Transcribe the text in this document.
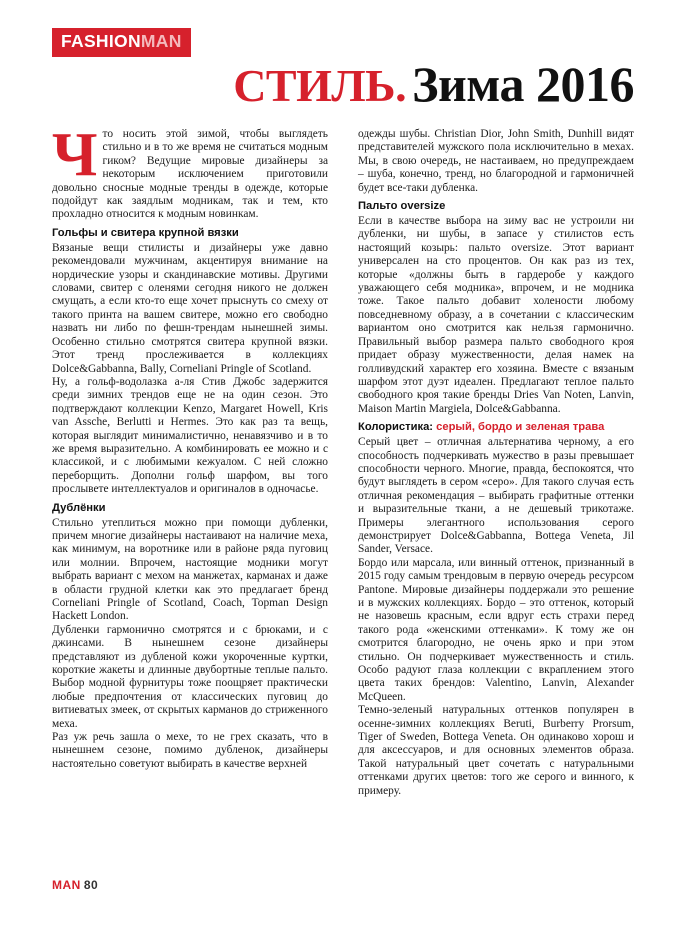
FASHIONMAN
СТИЛЬ. Зима 2016

Что носить этой зимой, чтобы выглядеть стильно и в то же время не считаться модным гиком? Ведущие мировые дизайнеры за некоторым исключением приготовили довольно сносные модные тренды в одежде, которые подойдут как заядлым модникам, так и тем, кто прохладно относится к модным новинкам.

Гольфы и свитера крупной вязки

Вязаные вещи стилисты и дизайнеры уже давно рекомендовали мужчинам, акцентируя внимание на нордические узоры и скандинавские мотивы. Другими словами, свитер с оленями сегодня никого не должен смущать, а если кто-то еще хочет прыснуть со смеху от такого принта на вашем свитере, можно его свободно назвать ни либо по фешн-трендам нынешней зимы. Особенно стильно смотрятся свитера крупной вязки. Этот тренд прослеживается в коллекциях Dolce&Gabbanna, Bally, Corneliani Pringle of Scotland.

Ну, а гольф-водолазка а-ля Стив Джобс задержится среди зимних трендов еще не на один сезон. Это подтверждают коллекции Kenzo, Margaret Howell, Kris van Assche, Berlutti и Hermes. Это как раз та вещь, которая выглядит минималистично, ненавязчиво и в то же время выразительно. А комбинировать ее можно и с классикой, и с любимыми кежуалом. С ней сложно переборщить. Дополни гольф шарфом, вы того прослывете интеллектуалов и оригиналов в одночасье.

Дублёнки

Стильно утеплиться можно при помощи дубленки, причем многие дизайнеры настаивают на наличие меха, как минимум, на воротнике или в районе ряда пуговиц или молнии. Впрочем, настоящие модники могут выбрать вариант с мехом на манжетах, карманах и даже в области грудной клетки как это предлагает бренд Corneliani Pringle of Scotland, Coach, Topman Design Hackett London.

Дубленки гармонично смотрятся и с брюками, и с джинсами. В нынешнем сезоне дизайнеры представляют из дубленой кожи укороченные куртки, короткие жакеты и длинные двубортные теплые пальто. Выбор модной фурнитуры тоже поощряет практически любые предпочтения от классических пуговиц до витиеватых змеек, от скрытых карманов до стриженного меха.

Раз уж речь зашла о мехе, то не грех сказать, что в нынешнем сезоне, помимо дубленок, дизайнеры настоятельно советуют выбирать в качестве верхней

одежды шубы. Christian Dior, John Smith, Dunhill видят представителей мужского пола исключительно в мехах. Мы, в свою очередь, не настаиваем, но предупреждаем – шуба, конечно, тренд, но благородной и гармоничней будет все-таки дубленка.

Пальто oversize

Если в качестве выбора на зиму вас не устроили ни дубленки, ни шубы, в запасе у стилистов есть настоящий козырь: пальто oversize. Этот вариант универсален на сто процентов. Он как раз из тех, которые «должны быть в гардеробе у каждого уважающего себя модника», впрочем, и не модника тоже. Такое пальто добавит холености любому повседневному образу, а в сочетании с классическим вариантом оно смотрится как нельзя гармонично. Правильный выбор размера пальто свободного кроя придает образу мужественности, делая намек на голливудский характер его хозяина. Вместе с вязаным шарфом этот дуэт идеален. Предлагают теплое пальто свободного кроя такие бренды Dries Van Noten, Lanvin, Maison Martin Margiela, Dolce&Gabbanna.

Колористика: серый, бордо и зеленая трава

Серый цвет – отличная альтернатива черному, а его способность подчеркивать мужество в разы превышает способности черного. Многие, правда, беспокоятся, что будут выглядеть в сером «серо». Для такого случая есть отличная рекомендация – выбирать графитные оттенки и выразительные ткани, а не дешевый трикотаже. Примеры элегантного использования серого демонстрирует Dolce&Gabbanna, Bottega Veneta, Jil Sander, Versace.

Бордо или марсала, или винный оттенок, признанный в 2015 году самым трендовым в первую очередь ресурсом Pantone. Мировые дизайнеры поддержали это решение и в мужских коллекциях. Бордо – это оттенок, который не назовешь красным, если вдруг есть страхи перед такого рода «женскими оттенками». К тому же он смотрится благородно, не очень ярко и при этом стильно. Он подчеркивает мужественность и стиль. Особо радуют глаза коллекции с вкраплением этого цвета таких брендов: Valentino, Lanvin, Alexander McQueen.

Темно-зеленый натуральных оттенков популярен в осенне-зимних коллекциях Beruti, Burberry Prorsum, Tiger of Sweden, Bottega Veneta. Он одинаково хорош и для аксессуаров, и для основных элементов образа. Такой натуральный цвет сочетать с натуральными оттенками других цветов: того же серого и винного, к примеру.

MAN 80
